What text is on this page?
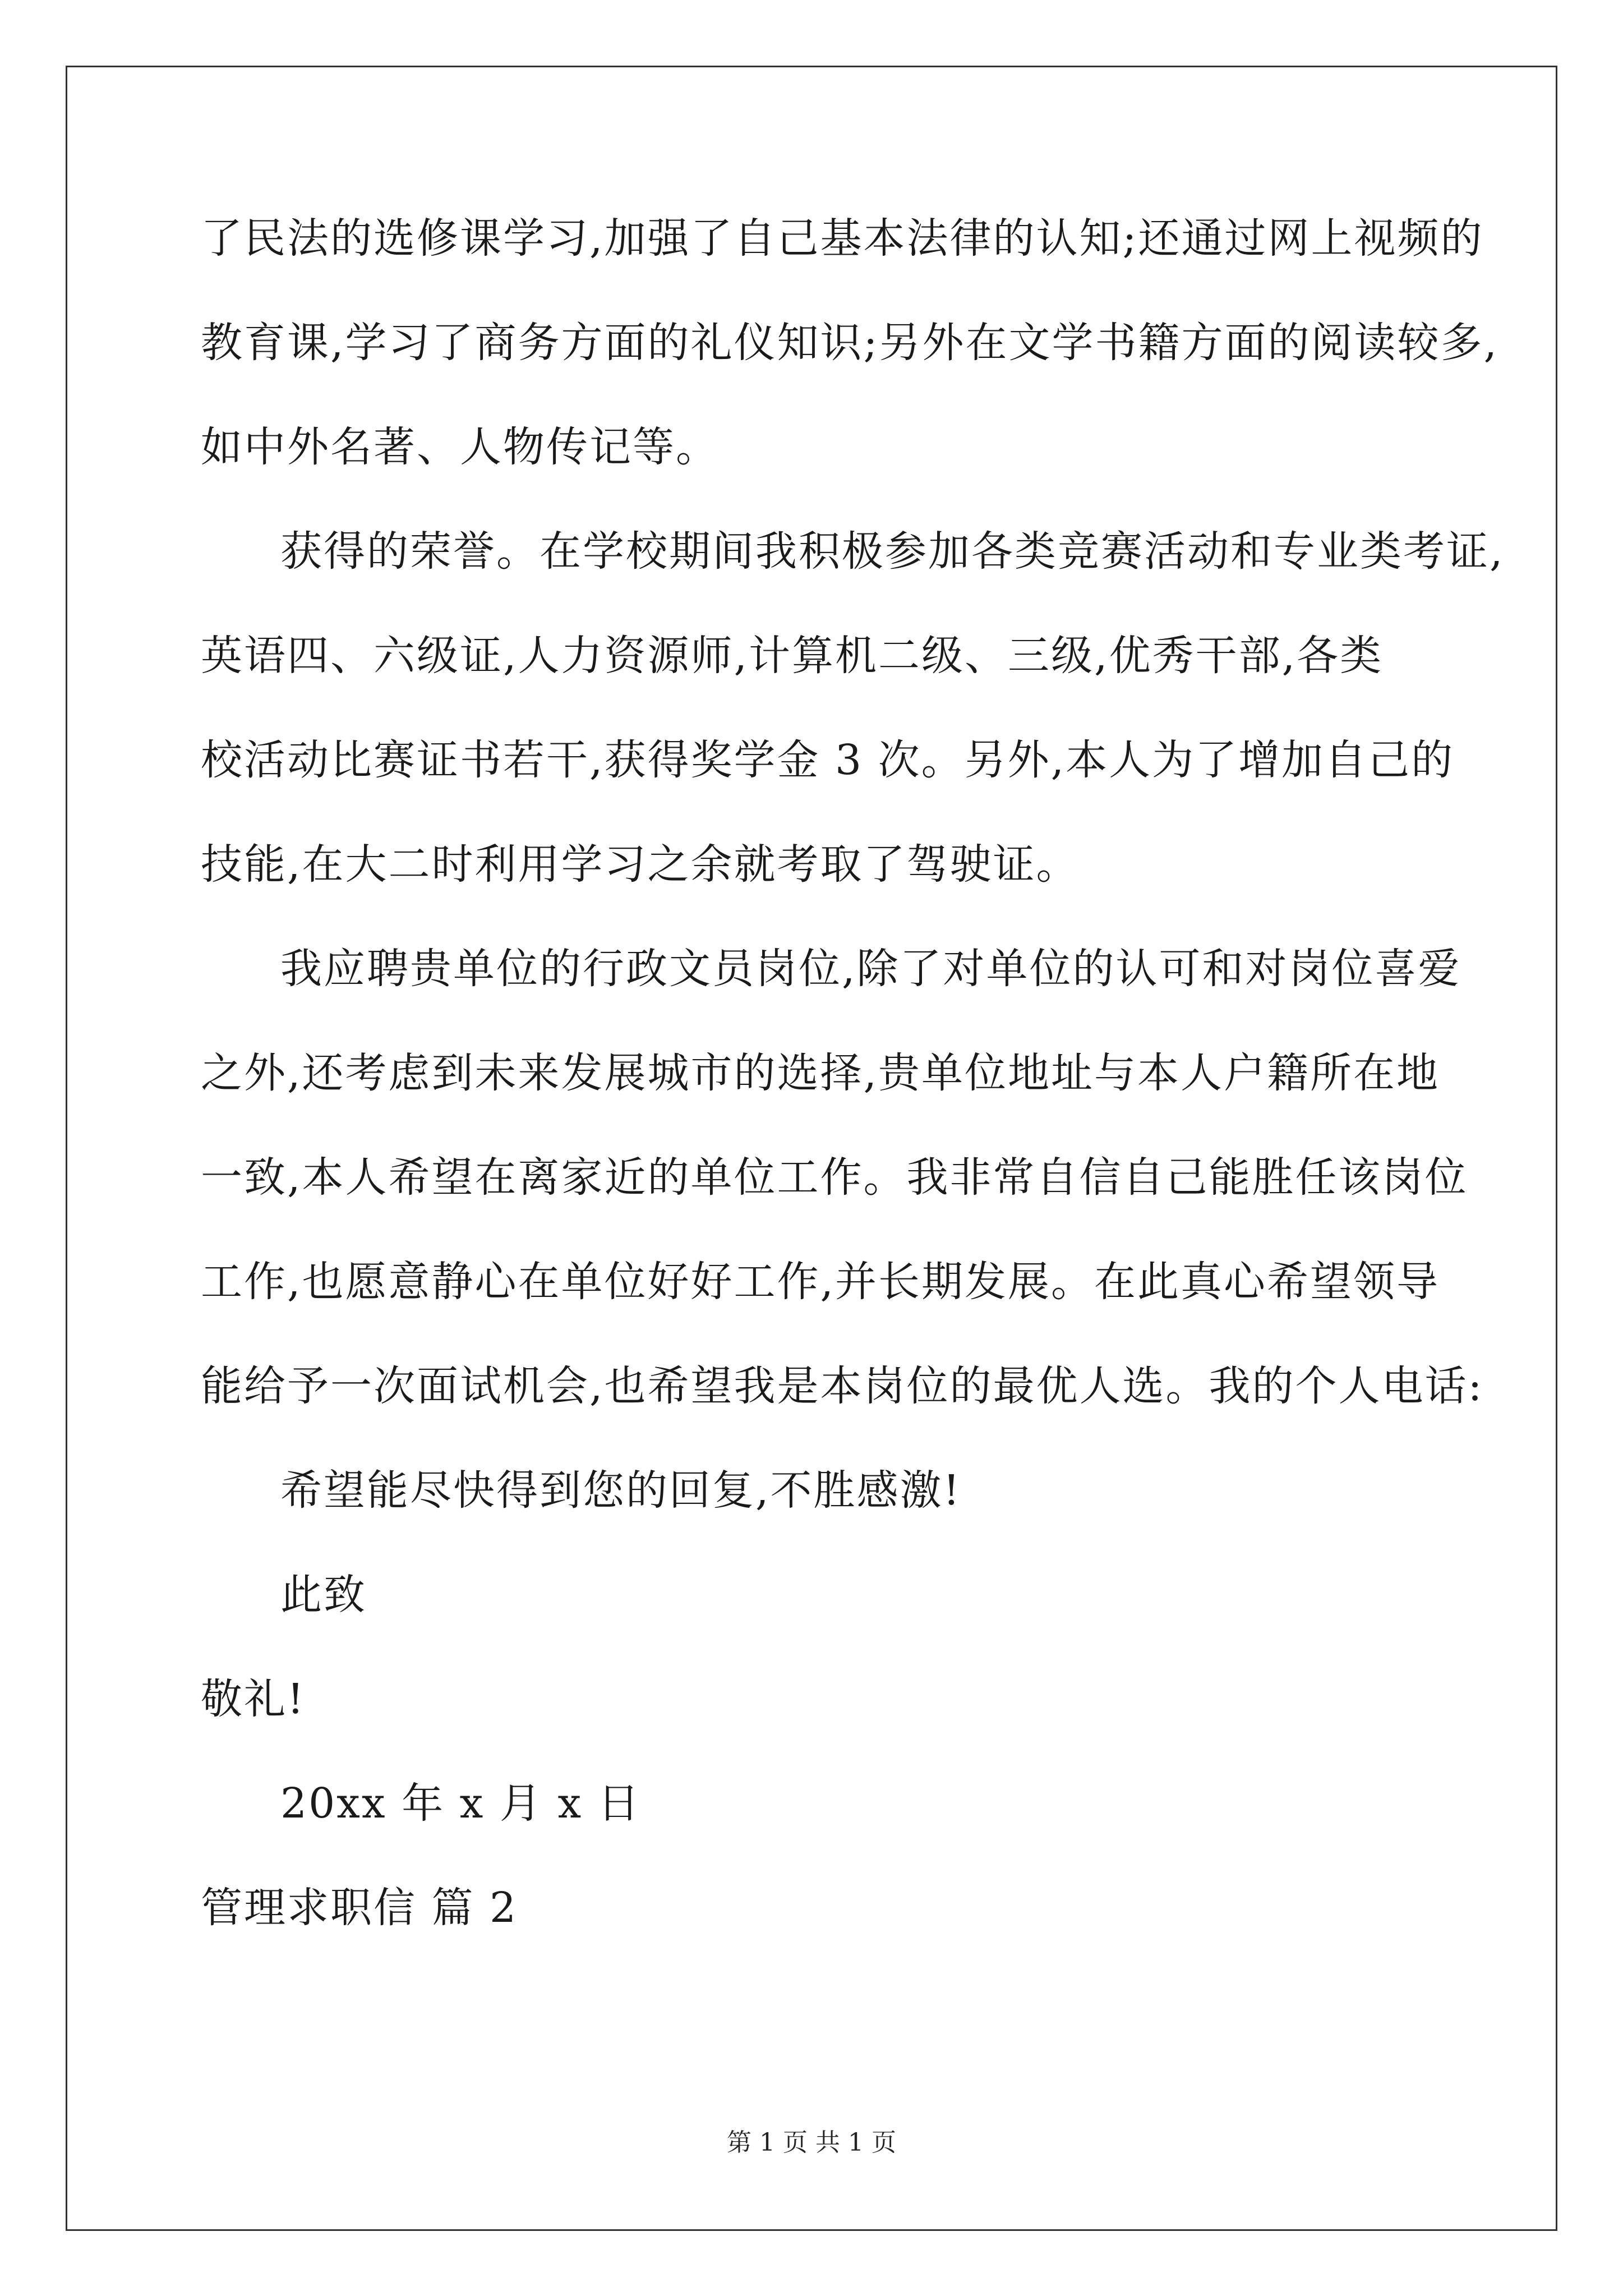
了民法的选修课学习,加强了自己基本法律的认知;还通过网上视频的
教育课,学习了商务方面的礼仪知识;另外在文学书籍方面的阅读较多,
如中外名著、人物传记等。
获得的荣誉。在学校期间我积极参加各类竞赛活动和专业类考证,
英语四、六级证,人力资源师,计算机二级、三级,优秀干部,各类
校活动比赛证书若干,获得奖学金 3 次。另外,本人为了增加自己的
技能,在大二时利用学习之余就考取了驾驶证。
我应聘贵单位的行政文员岗位,除了对单位的认可和对岗位喜爱
之外,还考虑到未来发展城市的选择,贵单位地址与本人户籍所在地
一致,本人希望在离家近的单位工作。我非常自信自己能胜任该岗位
工作,也愿意静心在单位好好工作,并长期发展。在此真心希望领导
能给予一次面试机会,也希望我是本岗位的最优人选。我的个人电话:
希望能尽快得到您的回复,不胜感激!
此致
敬礼!
20xx 年 x 月 x 日
管理求职信 篇 2
第 1 页 共 1 页
